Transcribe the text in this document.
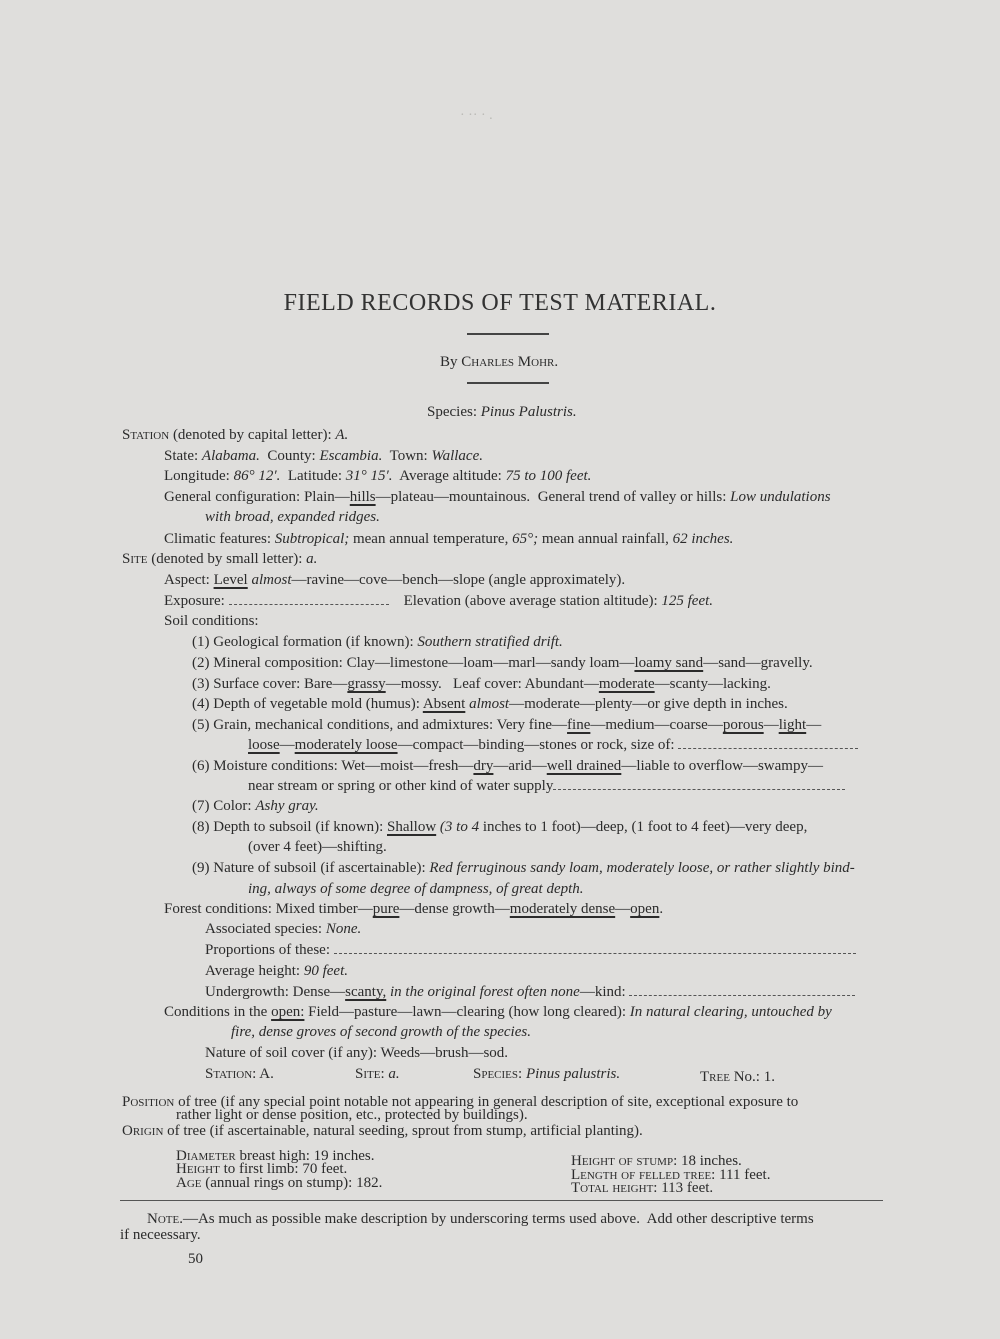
· ·· · .
FIELD RECORDS OF TEST MATERIAL.
By Charles Mohr.
Species: Pinus Palustris.
Station (denoted by capital letter): A.
State: Alabama. County: Escambia. Town: Wallace.
Longitude: 86° 12′. Latitude: 31° 15′. Average altitude: 75 to 100 feet.
General configuration: Plain—hills—plateau—mountainous. General trend of valley or hills: Low undulations
with broad, expanded ridges.
Climatic features: Subtropical; mean annual temperature, 65°; mean annual rainfall, 62 inches.
Site (denoted by small letter): a.
Aspect: Level almost—ravine—cove—bench—slope (angle approximately).
Exposure:	Elevation (above average station altitude): 125 feet.
Soil conditions:
(1) Geological formation (if known): Southern stratified drift.
(2) Mineral composition: Clay—limestone—loam—marl—sandy loam—loamy sand—sand—gravelly.
(3) Surface cover: Bare—grassy—mossy.   Leaf cover: Abundant—moderate—scanty—lacking.
(4) Depth of vegetable mold (humus): Absent almost—moderate—plenty—or give depth in inches.
(5) Grain, mechanical conditions, and admixtures: Very fine—fine—medium—coarse—porous—light—
loose—moderately loose—compact—binding—stones or rock, size of:
(6) Moisture conditions: Wet—moist—fresh—dry—arid—well drained—liable to overflow—swampy—
near stream or spring or other kind of water supply
(7) Color: Ashy gray.
(8) Depth to subsoil (if known): Shallow (3 to 4 inches to 1 foot)—deep, (1 foot to 4 feet)—very deep,
(over 4 feet)—shifting.
(9) Nature of subsoil (if ascertainable): Red ferruginous sandy loam, moderately loose, or rather slightly bind-
ing, always of some degree of dampness, of great depth.
Forest conditions: Mixed timber—pure—dense growth—moderately dense—open.
Associated species: None.
Proportions of these:
Average height: 90 feet.
Undergrowth: Dense—scanty, in the original forest often none—kind:
Conditions in the open: Field—pasture—lawn—clearing (how long cleared): In natural clearing, untouched by
fire, dense groves of second growth of the species.
Nature of soil cover (if any): Weeds—brush—sod.
Station: A.	Site: a.	Species: Pinus palustris.	Tree No.: 1.
Position of tree (if any special point notable not appearing in general description of site, exceptional exposure to
rather light or dense position, etc., protected by buildings).
Origin of tree (if ascertainable, natural seeding, sprout from stump, artificial planting).
Diameter breast high: 19 inches.
Height to first limb: 70 feet.
Age (annual rings on stump): 182.
Height of stump: 18 inches.
Length of felled tree: 111 feet.
Total height: 113 feet.
Note.—As much as possible make description by underscoring terms used above.  Add other descriptive terms
if neceessary.
50
